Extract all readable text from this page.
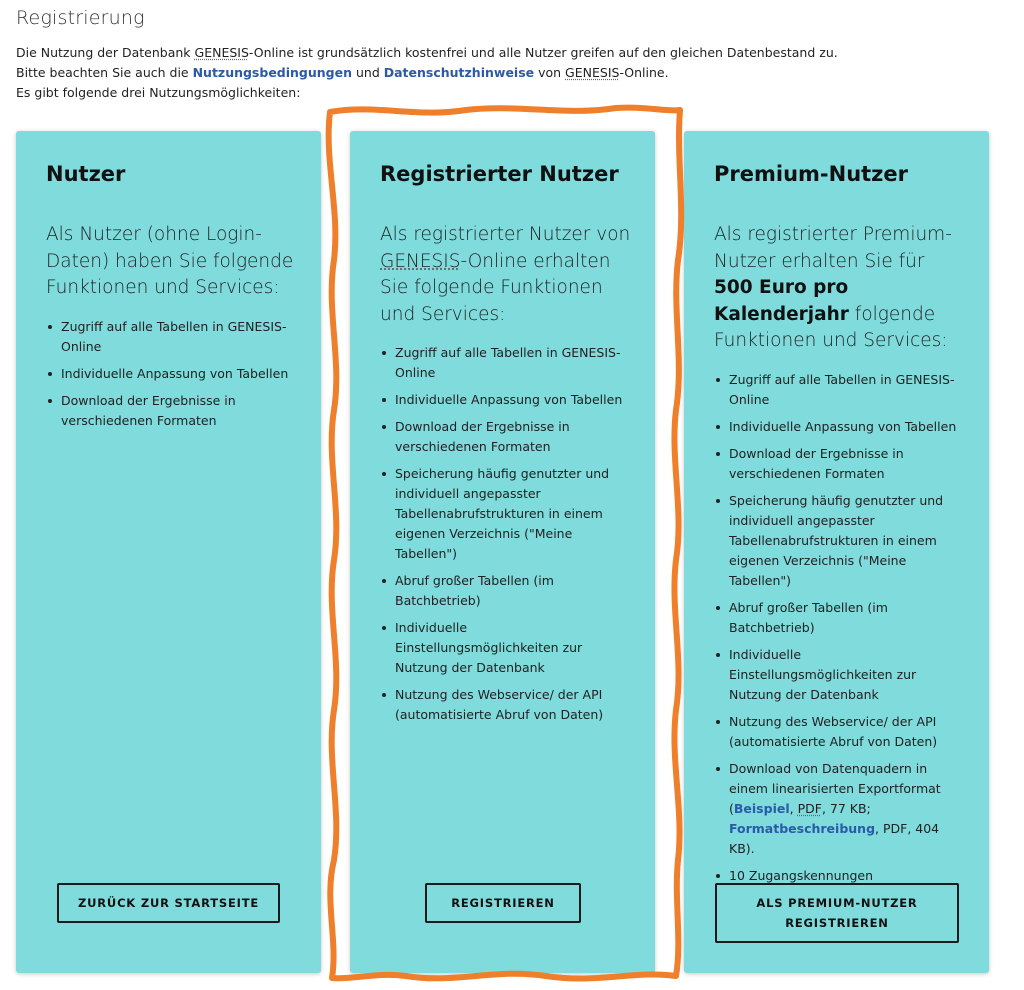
Registrierung

Die Nutzung der Datenbank GENESIS-Online ist grundsätzlich kostenfrei und alle Nutzer greifen auf den gleichen Datenbestand zu.

Bitte beachten Sie auch die Nutzungsbedingungen und Datenschutzhinweise von GENESIS-Online.

Es gibt folgende drei Nutzungsmöglichkeiten:

Nutzer

Als Nutzer (ohne Login-Daten) haben Sie folgende Funktionen und Services:

Zugriff auf alle Tabellen in GENESIS-Online
Individuelle Anpassung von Tabellen
Download der Ergebnisse in verschiedenen Formaten
ZURÜCK ZUR STARTSEITE
Registrierter Nutzer

Als registrierter Nutzer von GENESIS-Online erhalten Sie folgende Funktionen und Services:

Zugriff auf alle Tabellen in GENESIS-Online
Individuelle Anpassung von Tabellen
Download der Ergebnisse in verschiedenen Formaten
Speicherung häufig genutzter und individuell angepasster Tabellenabrufstrukturen in einem eigenen Verzeichnis ("Meine Tabellen")
Abruf großer Tabellen (im Batchbetrieb)
Individuelle Einstellungsmöglichkeiten zur Nutzung der Datenbank
Nutzung des Webservice/ der API (automatisierte Abruf von Daten)
REGISTRIEREN
Premium-Nutzer

Als registrierter Premium-Nutzer erhalten Sie für 500 Euro pro Kalenderjahr folgende Funktionen und Services:

Zugriff auf alle Tabellen in GENESIS-Online
Individuelle Anpassung von Tabellen
Download der Ergebnisse in verschiedenen Formaten
Speicherung häufig genutzter und individuell angepasster Tabellenabrufstrukturen in einem eigenen Verzeichnis ("Meine Tabellen")
Abruf großer Tabellen (im Batchbetrieb)
Individuelle Einstellungsmöglichkeiten zur Nutzung der Datenbank
Nutzung des Webservice/ der API (automatisierte Abruf von Daten)
Download von Datenquadern in einem linearisierten Exportformat (Beispiel, PDF, 77 KB; Formatbeschreibung, PDF, 404 KB).
10 Zugangskennungen
ALS PREMIUM-NUTZER REGISTRIEREN
